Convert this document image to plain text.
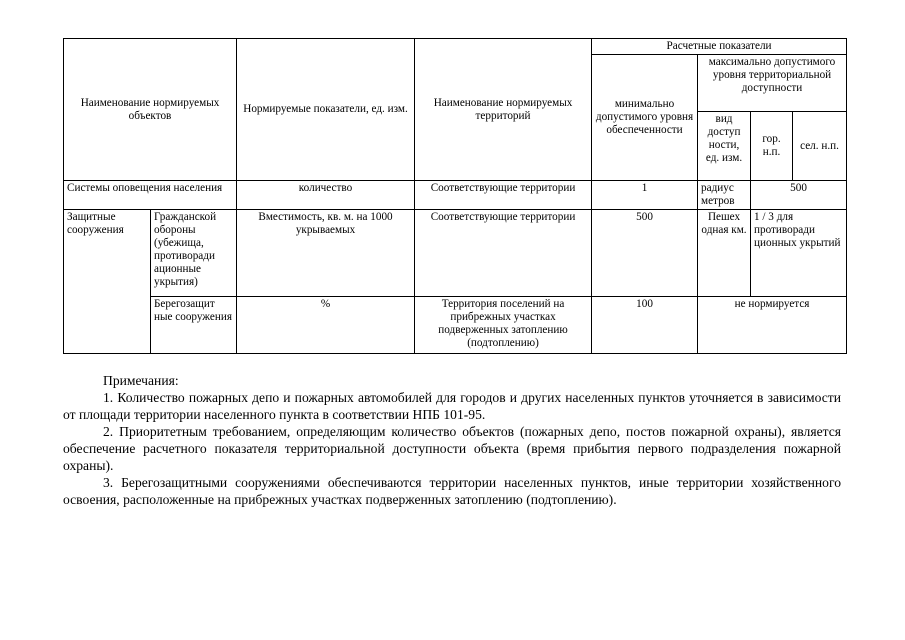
Наименование нормируемых объектов		Нормируемые показатели, ед. изм.	Наименование нормируемых территорий	Расчетные показатели			
				минимально допустимого уровня обеспеченности	максимально допустимого уровня территориальной доступности		
					вид доступ ности, ед. изм.	гор. н.п.	сел. н.п.
Системы оповещения населения		количество	Соответствующие территории	1	радиус метров	500	
Защитные сооружения	Гражданской обороны (убежища, противоради ационные укрытия)	Вместимость, кв. м. на 1000 укрываемых	Соответствующие территории	500	Пешех одная км.	1 / 3 для противоради ционных укрытий	
	Берегозащит ные сооружения	%	Территория поселений на прибрежных участках подверженных затоплению (подтоплению)	100	не нормируется		

Примечания:

1. Количество пожарных депо и пожарных автомобилей для городов и других населенных пунктов уточняется в зависимости от площади территории населенного пункта в соответствии НПБ 101-95.

2. Приоритетным требованием, определяющим количество объектов (пожарных депо, постов пожарной охраны), является обеспечение расчетного показателя территориальной доступности объекта (время прибытия первого подразделения пожарной охраны).

3. Берегозащитными сооружениями обеспечиваются территории населенных пунктов, иные территории хозяйственного освоения, расположенные на прибрежных участках подверженных затоплению (подтоплению).
